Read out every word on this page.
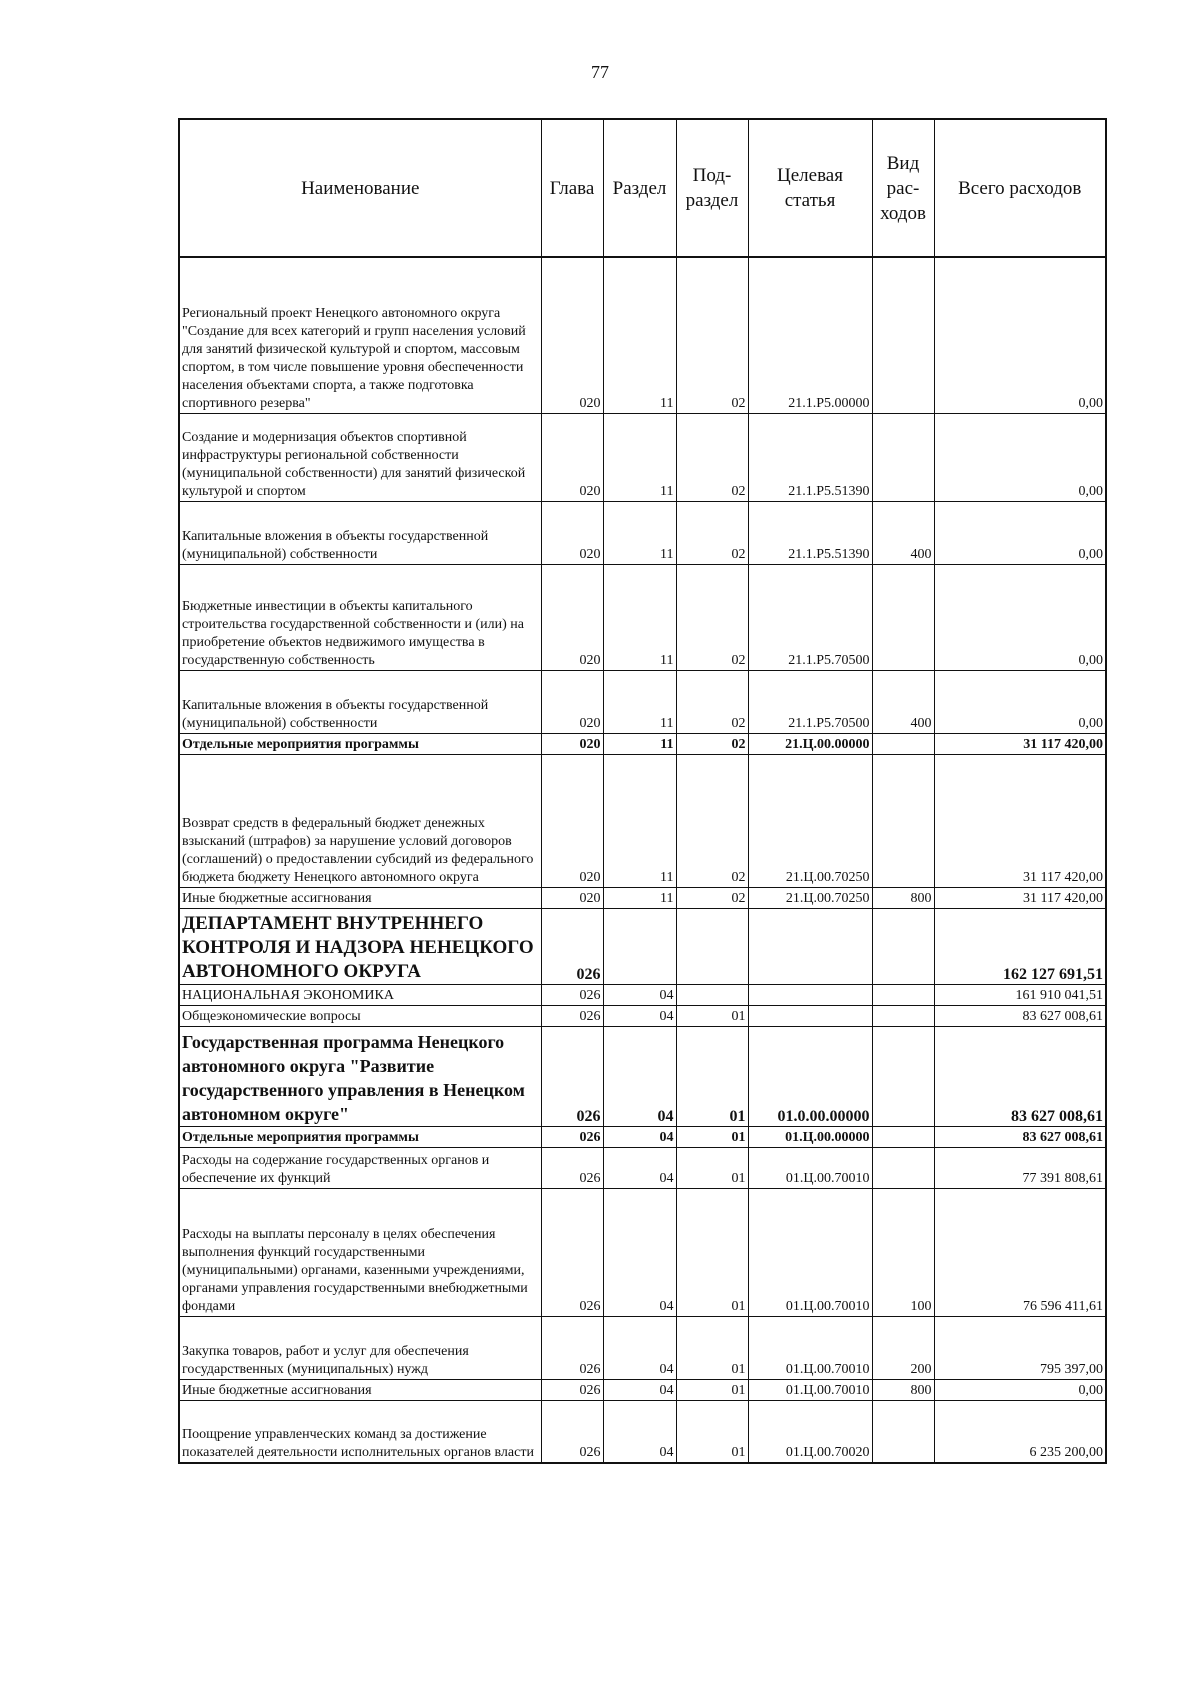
77
Наименование	Глава	Раздел	Под-раздел	Целевая статья	Вид рас-ходов	Всего расходов
Региональный проект Ненецкого автономного округа "Создание для всех категорий и групп населения условий для занятий физической культурой и спортом, массовым спортом, в том числе повышение уровня обеспеченности населения объектами спорта, а также подготовка спортивного резерва"	020	11	02	21.1.P5.00000		0,00
Создание и модернизация объектов спортивной инфраструктуры региональной собственности (муниципальной собственности) для занятий физической культурой и спортом	020	11	02	21.1.P5.51390		0,00
Капитальные вложения в объекты государственной (муниципальной) собственности	020	11	02	21.1.P5.51390	400	0,00
Бюджетные инвестиции в объекты капитального строительства государственной собственности и (или) на приобретение объектов недвижимого имущества в государственную собственность	020	11	02	21.1.P5.70500		0,00
Капитальные вложения в объекты государственной (муниципальной) собственности	020	11	02	21.1.P5.70500	400	0,00
Отдельные мероприятия программы	020	11	02	21.Ц.00.00000		31 117 420,00
Возврат средств в федеральный бюджет денежных взысканий (штрафов) за нарушение условий договоров (соглашений) о предоставлении субсидий из федерального бюджета бюджету Ненецкого автономного округа	020	11	02	21.Ц.00.70250		31 117 420,00
Иные бюджетные ассигнования	020	11	02	21.Ц.00.70250	800	31 117 420,00
ДЕПАРТАМЕНТ ВНУТРЕННЕГО КОНТРОЛЯ И НАДЗОРА НЕНЕЦКОГО АВТОНОМНОГО ОКРУГА	026					162 127 691,51
НАЦИОНАЛЬНАЯ ЭКОНОМИКА	026	04				161 910 041,51
Общеэкономические вопросы	026	04	01			83 627 008,61
Государственная программа Ненецкого автономного округа "Развитие государственного управления в Ненецком автономном округе"	026	04	01	01.0.00.00000		83 627 008,61
Отдельные мероприятия программы	026	04	01	01.Ц.00.00000		83 627 008,61
Расходы на содержание государственных органов и обеспечение их функций	026	04	01	01.Ц.00.70010		77 391 808,61
Расходы на выплаты персоналу в целях обеспечения выполнения функций государственными (муниципальными) органами, казенными учреждениями, органами управления государственными внебюджетными фондами	026	04	01	01.Ц.00.70010	100	76 596 411,61
Закупка товаров, работ и услуг для обеспечения государственных (муниципальных) нужд	026	04	01	01.Ц.00.70010	200	795 397,00
Иные бюджетные ассигнования	026	04	01	01.Ц.00.70010	800	0,00
Поощрение управленческих команд за достижение показателей деятельности исполнительных органов власти	026	04	01	01.Ц.00.70020		6 235 200,00
